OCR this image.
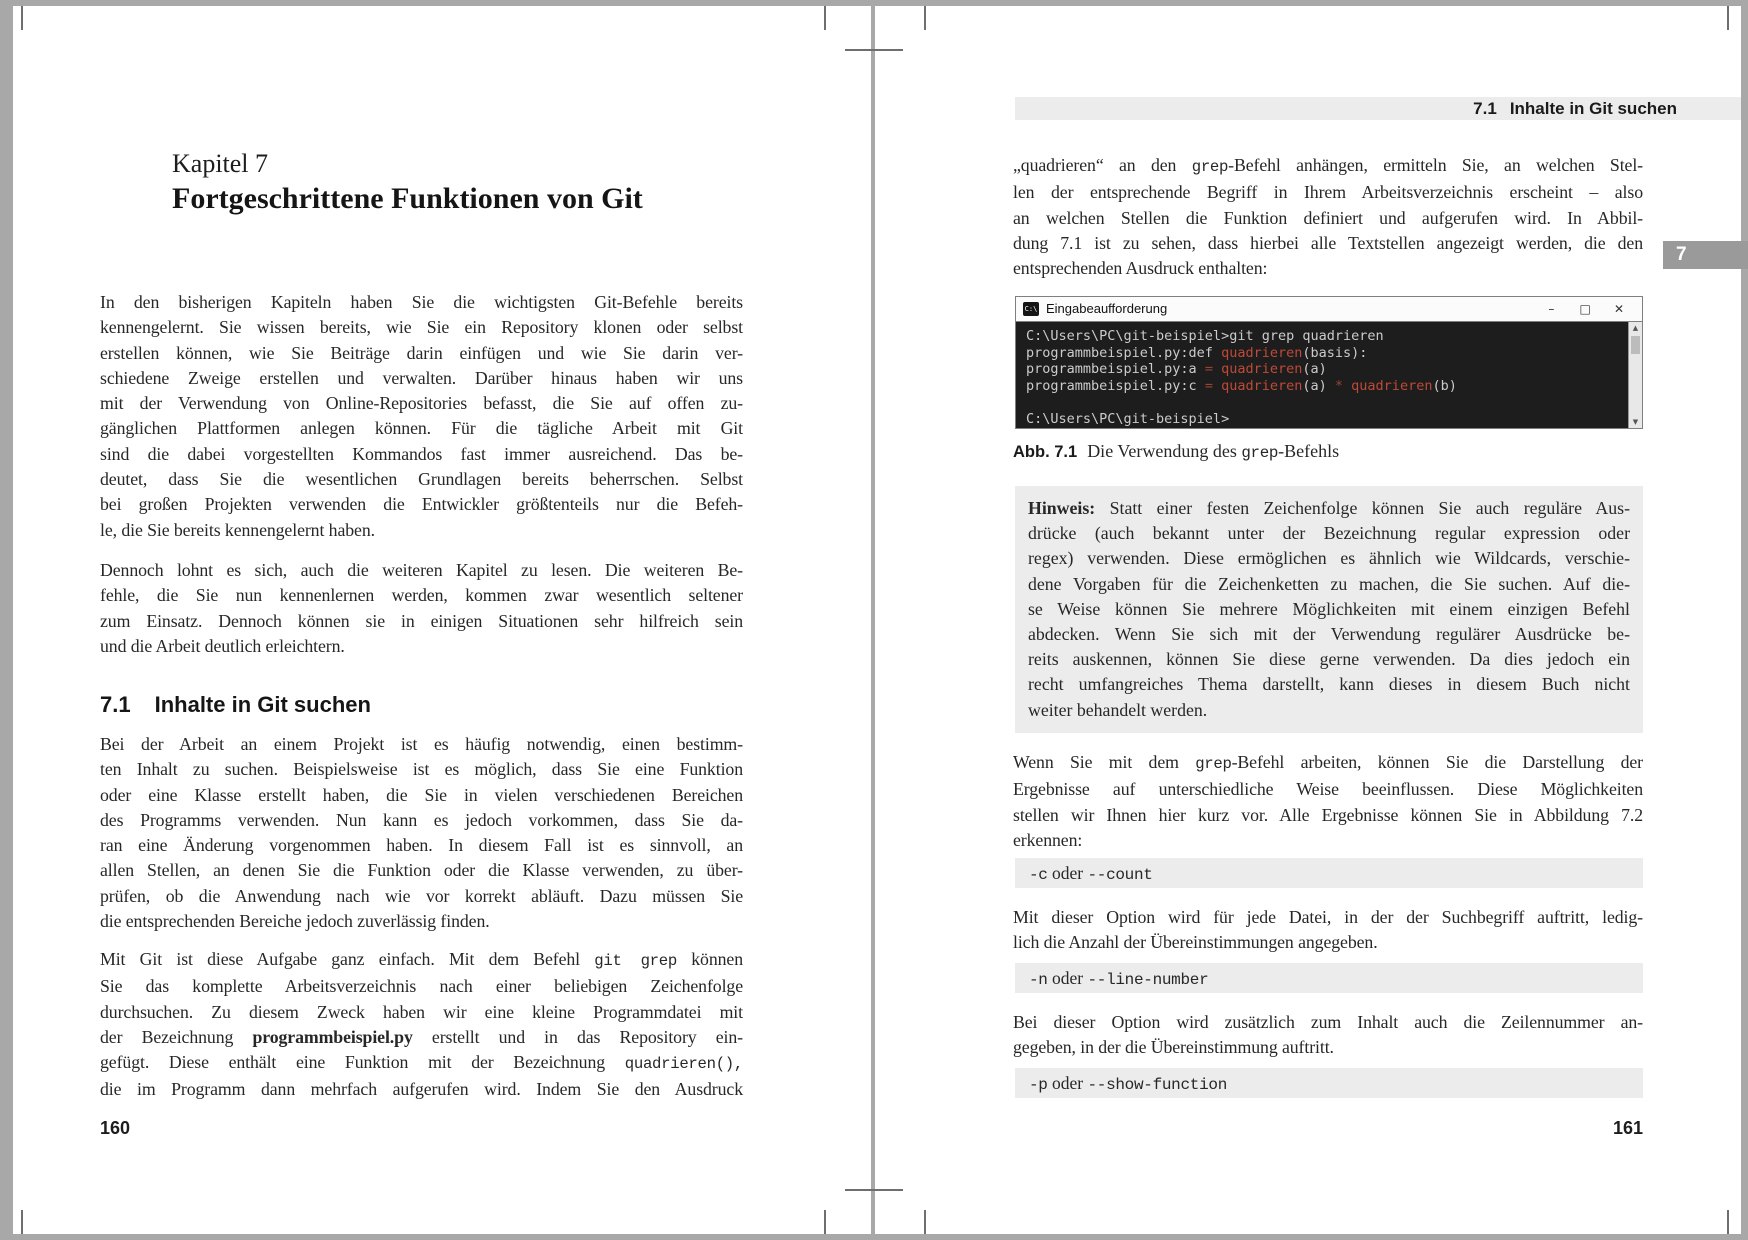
Kapitel 7
Fortgeschrittene Funktionen von Git
In den bisherigen Kapiteln haben Sie die wichtigsten Git-Befehle bereits
kennengelernt. Sie wissen bereits, wie Sie ein Repository klonen oder selbst
erstellen können, wie Sie Beiträge darin einfügen und wie Sie darin ver-
schiedene Zweige erstellen und verwalten. Darüber hinaus haben wir uns
mit der Verwendung von Online-Repositories befasst, die Sie auf offen zu-
gänglichen Plattformen anlegen können. Für die tägliche Arbeit mit Git
sind die dabei vorgestellten Kommandos fast immer ausreichend. Das be-
deutet, dass Sie die wesentlichen Grundlagen bereits beherrschen. Selbst
bei großen Projekten verwenden die Entwickler größtenteils nur die Befeh-
le, die Sie bereits kennengelernt haben.
Dennoch lohnt es sich, auch die weiteren Kapitel zu lesen. Die weiteren Be-
fehle, die Sie nun kennenlernen werden, kommen zwar wesentlich seltener
zum Einsatz. Dennoch können sie in einigen Situationen sehr hilfreich sein
und die Arbeit deutlich erleichtern.
7.1 Inhalte in Git suchen
Bei der Arbeit an einem Projekt ist es häufig notwendig, einen bestimm-
ten Inhalt zu suchen. Beispielsweise ist es möglich, dass Sie eine Funktion
oder eine Klasse erstellt haben, die Sie in vielen verschiedenen Bereichen
des Programms verwenden. Nun kann es jedoch vorkommen, dass Sie da-
ran eine Änderung vorgenommen haben. In diesem Fall ist es sinnvoll, an
allen Stellen, an denen Sie die Funktion oder die Klasse verwenden, zu über-
prüfen, ob die Anwendung nach wie vor korrekt abläuft. Dazu müssen Sie
die entsprechenden Bereiche jedoch zuverlässig finden.
Mit Git ist diese Aufgabe ganz einfach. Mit dem Befehl git grep können
Sie das komplette Arbeitsverzeichnis nach einer beliebigen Zeichenfolge
durchsuchen. Zu diesem Zweck haben wir eine kleine Programmdatei mit
der Bezeichnung programmbeispiel.py erstellt und in das Repository ein-
gefügt. Diese enthält eine Funktion mit der Bezeichnung quadrieren(),
die im Programm dann mehrfach aufgerufen wird. Indem Sie den Ausdruck
160
7.1 Inhalte in Git suchen
7
„quadrieren“ an den grep-Befehl anhängen, ermitteln Sie, an welchen Stel-
len der entsprechende Begriff in Ihrem Arbeitsverzeichnis erscheint – also
an welchen Stellen die Funktion definiert und aufgerufen wird. In Abbil-
dung 7.1 ist zu sehen, dass hierbei alle Textstellen angezeigt werden, die den
entsprechenden Ausdruck enthalten:
C:\ Eingabeaufforderung	– □ ✕
C:\Users\PC\git-beispiel>git grep quadrieren
programmbeispiel.py:def quadrieren(basis):
programmbeispiel.py:a = quadrieren(a)
programmbeispiel.py:c = quadrieren(a) * quadrieren(b)

C:\Users\PC\git-beispiel>
▲
▼
Abb. 7.1 Die Verwendung des grep-Befehls
Hinweis: Statt einer festen Zeichenfolge können Sie auch reguläre Aus-
drücke (auch bekannt unter der Bezeichnung regular expression oder
regex) verwenden. Diese ermöglichen es ähnlich wie Wildcards, verschie-
dene Vorgaben für die Zeichenketten zu machen, die Sie suchen. Auf die-
se Weise können Sie mehrere Möglichkeiten mit einem einzigen Befehl
abdecken. Wenn Sie sich mit der Verwendung regulärer Ausdrücke be-
reits auskennen, können Sie diese gerne verwenden. Da dies jedoch ein
recht umfangreiches Thema darstellt, kann dieses in diesem Buch nicht
weiter behandelt werden.
Wenn Sie mit dem grep-Befehl arbeiten, können Sie die Darstellung der
Ergebnisse auf unterschiedliche Weise beeinflussen. Diese Möglichkeiten
stellen wir Ihnen hier kurz vor. Alle Ergebnisse können Sie in Abbildung 7.2
erkennen:
-c oder --count
Mit dieser Option wird für jede Datei, in der der Suchbegriff auftritt, ledig-
lich die Anzahl der Übereinstimmungen angegeben.
-n oder --line-number
Bei dieser Option wird zusätzlich zum Inhalt auch die Zeilennummer an-
gegeben, in der die Übereinstimmung auftritt.
-p oder --show-function
161
